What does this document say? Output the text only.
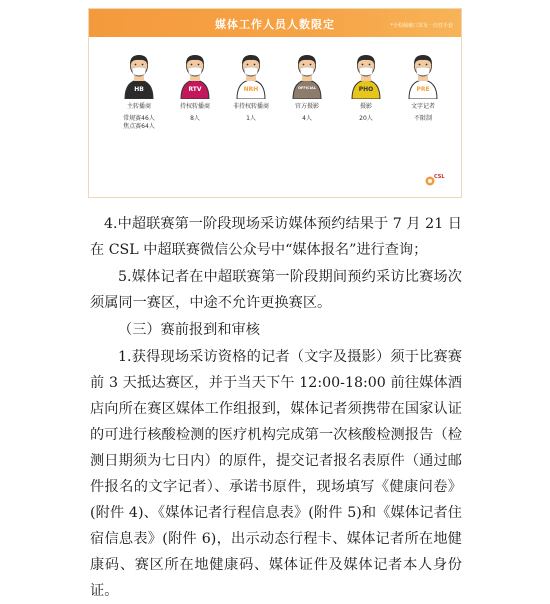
媒体工作人员人数限定	*全程佩戴口罩及一次性手套
HB
主转播商
常规赛46人
焦点赛64人
RTV
持权转播商
8人
NRH
非持权转播商
1人
OFFICIAL
官方摄影
4人
PHO
摄影
20人
PRE
文字记者
不限制
CSL

4.中超联赛第一阶段现场采访媒体预约结果于 7 月 21 日在 CSL 中超联赛微信公众号中“媒体报名”进行查询；

5.媒体记者在中超联赛第一阶段期间预约采访比赛场次须属同一赛区，中途不允许更换赛区。

（三）赛前报到和审核

1.获得现场采访资格的记者（文字及摄影）须于比赛赛前 3 天抵达赛区，并于当天下午 12:00-18:00 前往媒体酒店向所在赛区媒体工作组报到，媒体记者须携带在国家认证的可进行核酸检测的医疗机构完成第一次核酸检测报告（检测日期须为七日内）的原件，提交记者报名表原件（通过邮件报名的文字记者）、承诺书原件，现场填写《健康问卷》(附件 4)、《媒体记者行程信息表》(附件 5)和《媒体记者住宿信息表》(附件 6)，出示动态行程卡、媒体记者所在地健康码、赛区所在地健康码、媒体证件及媒体记者本人身份证。
